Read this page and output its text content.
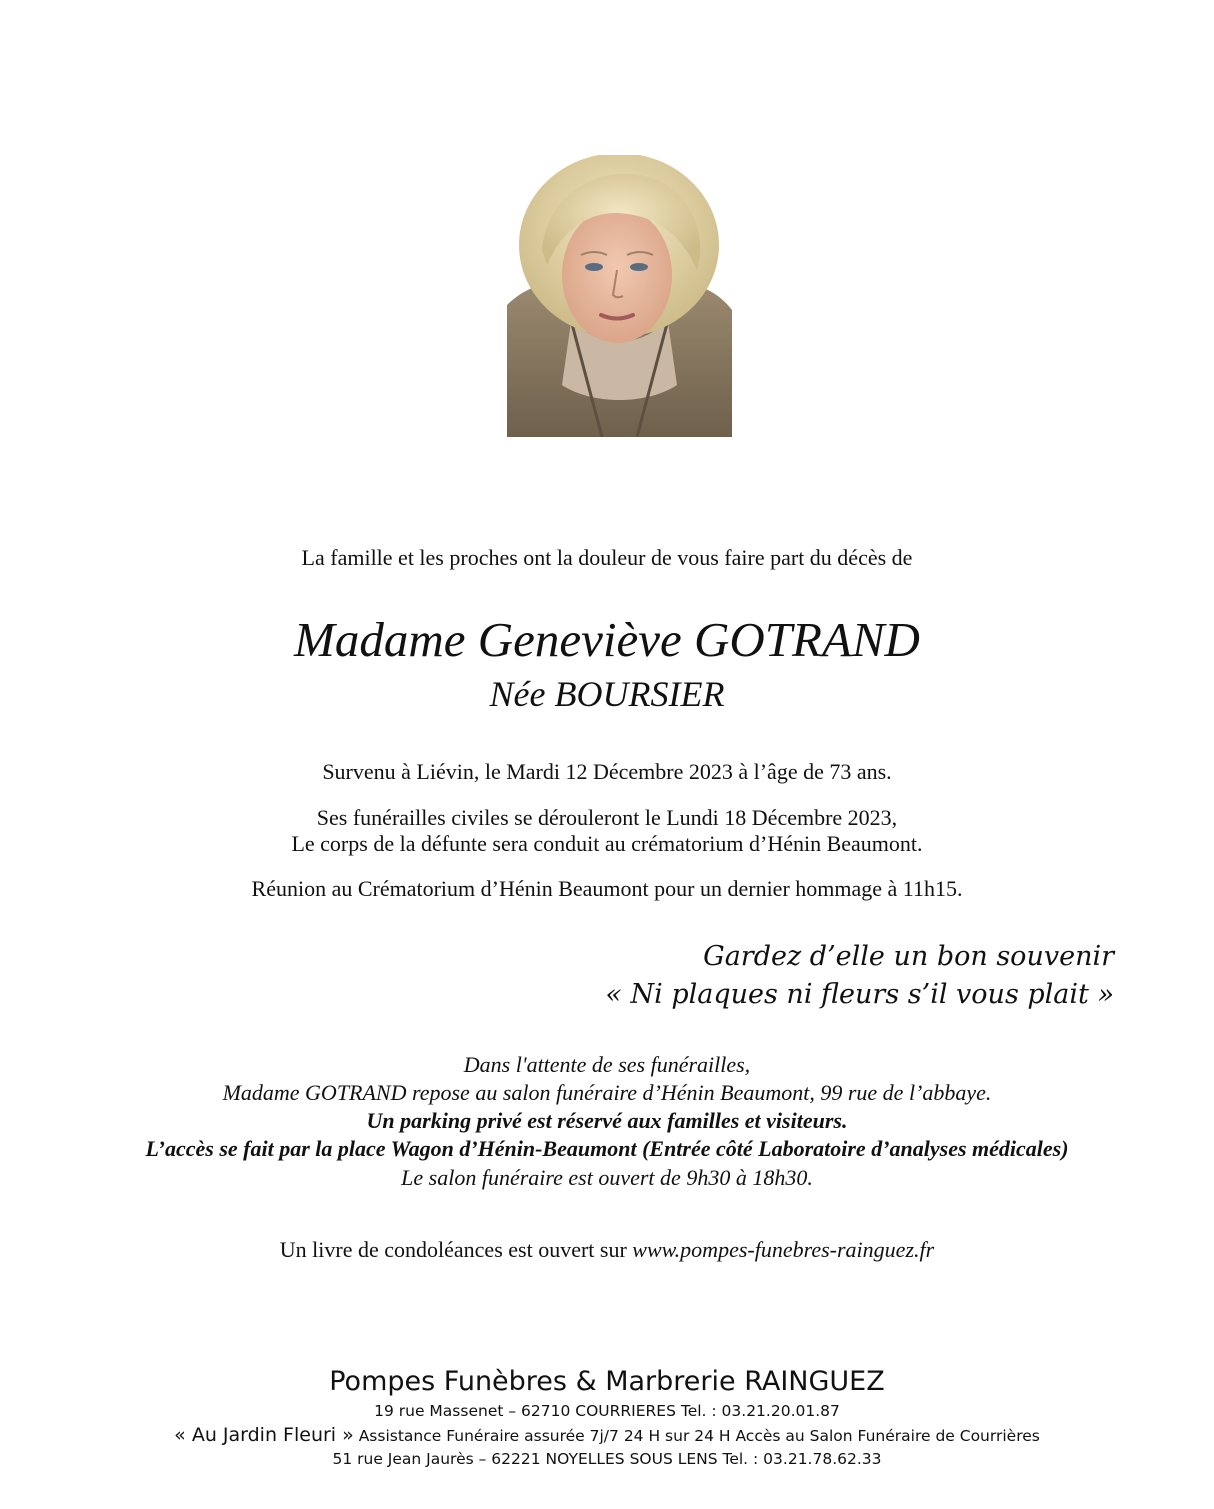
La famille et les proches ont la douleur de vous faire part du décès de
Madame Geneviève GOTRAND
Née BOURSIER
Survenu à Liévin, le Mardi 12 Décembre 2023 à l’âge de 73 ans.
Ses funérailles civiles se dérouleront le Lundi 18 Décembre 2023,
Le corps de la défunte sera conduit au crématorium d’Hénin Beaumont.
Réunion au Crématorium d’Hénin Beaumont pour un dernier hommage à 11h15.
Gardez d’elle un bon souvenir
« Ni plaques ni fleurs s’il vous plait »
Dans l'attente de ses funérailles,
Madame GOTRAND repose au salon funéraire d’Hénin Beaumont, 99 rue de l’abbaye.
Un parking privé est réservé aux familles et visiteurs.
L’accès se fait par la place Wagon d’Hénin-Beaumont (Entrée côté Laboratoire d’analyses médicales)
Le salon funéraire est ouvert de 9h30 à 18h30.
Un livre de condoléances est ouvert sur www.pompes-funebres-rainguez.fr
Pompes Funèbres & Marbrerie RAINGUEZ
19 rue Massenet – 62710 COURRIERES Tel. : 03.21.20.01.87
« Au Jardin Fleuri » Assistance Funéraire assurée 7j/7 24 H sur 24 H Accès au Salon Funéraire de Courrières
51 rue Jean Jaurès – 62221 NOYELLES SOUS LENS Tel. : 03.21.78.62.33
